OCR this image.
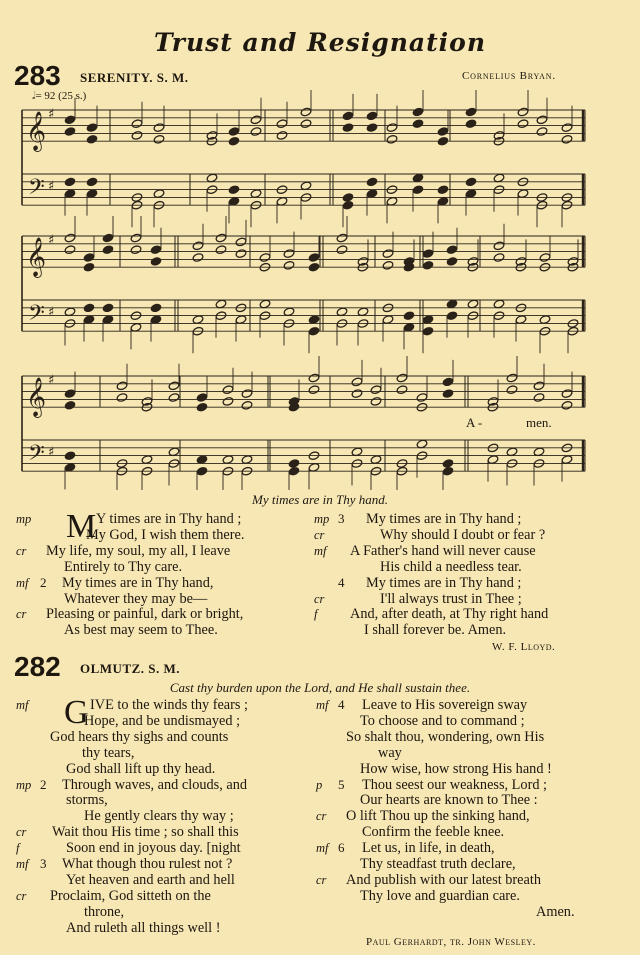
Trust and Resignation
283 SERENITY. S. M.	Cornelius Bryan.
𝅗𝅥= 92 (25 s.)
𝄞
𝄢
♯
♯
𝄞
𝄢
♯
♯
𝄞
𝄢
♯
♯
A -	men.
My times are in Thy hand.
M
mp	Y times are in Thy hand ;
My God, I wish them there.
cr My life, my soul, my all, I leave
Entirely to Thy care.
mf 2 My times are in Thy hand,
Whatever they may be—
cr Pleasing or painful, dark or bright,
As best may seem to Thee.
mp 3 My times are in Thy hand ;
cr	Why should I doubt or fear ?
mf A Father's hand will never cause
His child a needless tear.
4 My times are in Thy hand ;
cr	I'll always trust in Thee ;
f And, after death, at Thy right hand
I shall forever be. Amen.
W. F. Lloyd.
282 OLMUTZ. S. M.
Cast thy burden upon the Lord, and He shall sustain thee.
G
mf	IVE to the winds thy fears ;
Hope, and be undismayed ;
God hears thy sighs and counts
thy tears,
God shall lift up thy head.
mp 2 Through waves, and clouds, and
storms,
He gently clears thy way ;
cr Wait thou His time ; so shall this
f	Soon end in joyous day. [night
mf 3 What though thou rulest not ?
Yet heaven and earth and hell
cr Proclaim, God sitteth on the
throne,
And ruleth all things well !
mf 4 Leave to His sovereign sway
To choose and to command ;
So shalt thou, wondering, own His
way
How wise, how strong His hand !
p 5 Thou seest our weakness, Lord ;
Our hearts are known to Thee :
cr O lift Thou up the sinking hand,
Confirm the feeble knee.
mf 6 Let us, in life, in death,
Thy steadfast truth declare,
cr And publish with our latest breath
Thy love and guardian care.
Amen.
Paul Gerhardt, tr. John Wesley.
